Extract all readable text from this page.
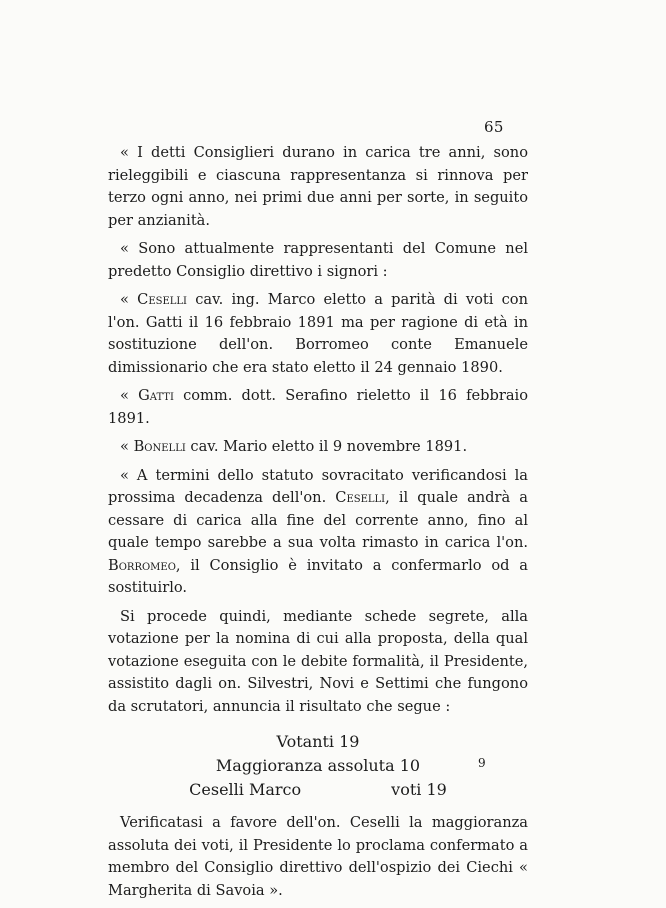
65

« I detti Consiglieri durano in carica tre anni, sono rieleggibili e ciascuna rappresentanza si rinnova per terzo ogni anno, nei primi due anni per sorte, in seguito per anzianità.

« Sono attualmente rappresentanti del Comune nel predetto Consiglio direttivo i signori :

« Ceselli cav. ing. Marco eletto a parità di voti con l'on. Gatti il 16 febbraio 1891 ma per ragione di età in sostituzione dell'on. Borromeo conte Emanuele dimissionario che era stato eletto il 24 gennaio 1890.

« Gatti comm. dott. Serafino rieletto il 16 febbraio 1891.

« Bonelli cav. Mario eletto il 9 novembre 1891.

« A termini dello statuto sovracitato verificandosi la prossima decadenza dell'on. Ceselli, il quale andrà a cessare di carica alla fine del corrente anno, fino al quale tempo sarebbe a sua volta rimasto in carica l'on. Borromeo, il Consiglio è invitato a confermarlo od a sostituirlo.

Si procede quindi, mediante schede segrete, alla votazione per la nomina di cui alla proposta, della qual votazione eseguita con le debite formalità, il Presidente, assistito dagli on. Silvestri, Novi e Settimi che fungono da scrutatori, annuncia il risultato che segue :

Votanti 19
Maggioranza assoluta 10
Ceselli Marco	voti 19

Verificatasi a favore dell'on. Ceselli la maggioranza assoluta dei voti, il Presidente lo proclama confermato a membro del Consiglio direttivo dell'ospizio dei Ciechi « Margherita di Savoia ».

9
